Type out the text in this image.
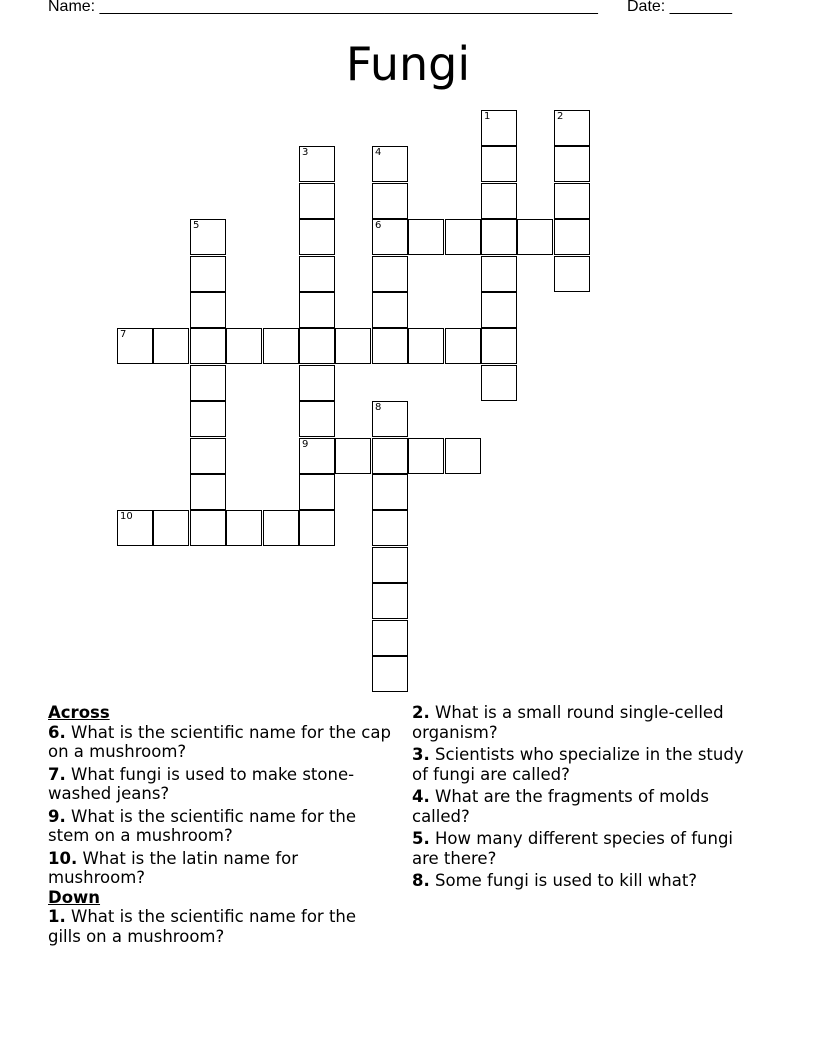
Name: ________________________________________________________ Date: _______
Fungi
1	2
3
9
4
6
5
7
8
10
Across
6. What is the scientific name for the cap on a mushroom?
7. What fungi is used to make stone-washed jeans?
9. What is the scientific name for the stem on a mushroom?
10. What is the latin name for mushroom?
Down
1. What is the scientific name for the gills on a mushroom?
2. What is a small round single-celled organism?
3. Scientists who specialize in the study of fungi are called?
4. What are the fragments of molds called?
5. How many different species of fungi are there?
8. Some fungi is used to kill what?
